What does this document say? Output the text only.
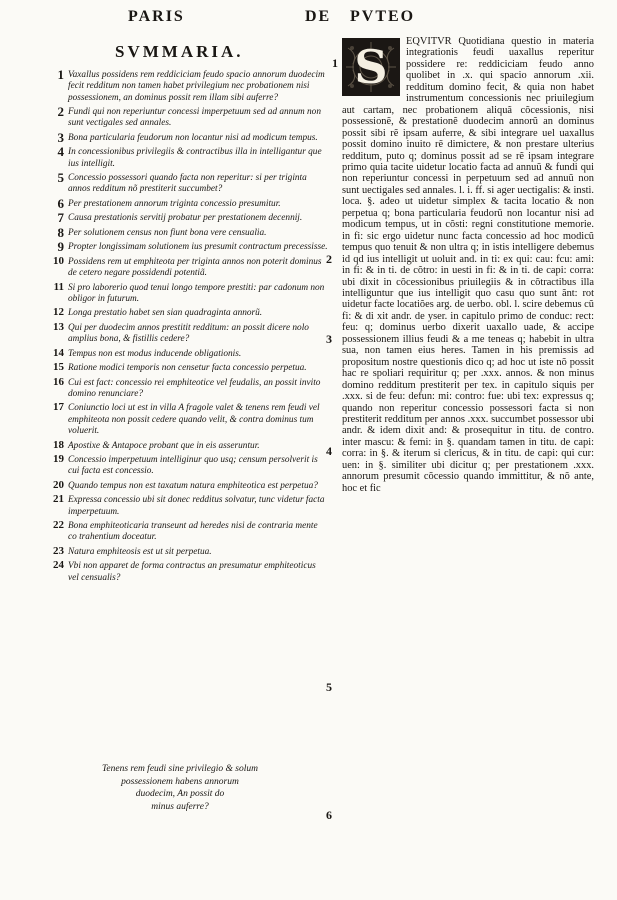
PARIS	DE PVTEO
SVMMARIA.
1 Vaxallus possidens rem reddiciciam feudo spacio annorum duodecim fecit redditum non tamen habet privilegium nec probationem nisi possessionem, an dominus possit rem illam sibi auferre?
2 Fundi qui non reperiuntur concessi imperpetuum sed ad annum non sunt vectigales sed annales.
3 Bona particularia feudorum non locantur nisi ad modicum tempus.
4 In concessionibus privilegiis & contractibus illa in intelligantur que ius intelligit.
5 Concessio possessori quando facta non reperitur: si per triginta annos redditum nõ prestiterit succumbet?
6 Per prestationem annorum triginta concessio presumitur.
7 Causa prestationis servitij probatur per prestationem decennij.
8 Per solutionem census non fiunt bona vere censualia.
9 Propter longissimam solutionem ius presumit contractum precessisse.
10 Possidens rem ut emphiteota per triginta annos non poterit dominus de cetero negare possidendi potentiã.
11 Si pro laborerio quod tenui longo tempore prestiti: par cadonum non obligor in futurum.
12 Longa prestatio habet sen sian quadraginta annorũ.
13 Qui per duodecim annos prestitit redditum: an possit dicere nolo amplius bona, & fistillis cedere?
14 Tempus non est modus inducende obligationis.
15 Ratione modici temporis non censetur facta concessio perpetua.
16 Cui est fact: concessio rei emphiteotice vel feudalis, an possit invito domino renunciare?
17 Coniunctio loci ut est in villa A fragole valet & tenens rem feudi vel emphiteota non possit cedere quando velit, & contra dominus tum voluerit.
18 Apostixe & Antapoce probant que in eis asseruntur.
19 Concessio imperpetuum intelliginur quo usq; censum persolverit is cui facta est concessio.
20 Quando tempus non est taxatum natura emphiteotica est perpetua?
21 Expressa concessio ubi sit donec redditus solvatur, tunc videtur facta imperpetuum.
22 Bona emphiteoticaria transeunt ad heredes nisi de contraria mente co trahentium doceatur.
23 Natura emphiteosis est ut sit perpetua.
24 Vbi non apparet de forma contractus an presumatur emphiteoticus vel censualis?
Tenens rem feudi sine privilegio & solum
possessionem habens annorum
duodecim, An possit do
minus auferre?
S	EQVITVR Quotidiana questio in materia integrationis feudi uaxallus reperitur possidere re: reddiciciam feudo anno quolibet in .x. qui spacio annorum .xii. redditum domino fecit, & quia non habet instrumentum concessionis nec priuilegium aut cartam, nec probationem aliquã cõcessionis, nisi possessionẽ, & prestationẽ duodecim annorũ an dominus possit sibi rẽ ipsam auferre, & sibi integrare uel uaxallus possit domino inuito rẽ dimictere, & non prestare ulterius redditum, puto q; dominus possit ad se rẽ ipsam integrare primo quia tacite uidetur locatio facta ad annuũ & fundi qui non reperiuntur concessi in perpetuum sed ad annuũ non sunt uectigales sed annales. l. i. ff. si ager uectigalis: & insti. loca. §. adeo ut uidetur simplex & tacita locatio & non perpetua q; bona particularia feudorũ non locantur nisi ad modicum tempus, ut in cõsti: regni constitutione memorie. in fi: sic ergo uidetur nunc facta concessio ad hoc modicũ tempus quo tenuit & non ultra q; in istis intelligere debemus id qd ius intelligit ut uoluit and. in ti: ex qui: cau: fcu: ami: in fi: & in ti. de cõtro: in uesti in fi: & in ti. de capi: corra: ubi dixit in cõcessionibus priuilegiis & in cõtractibus illa intelliguntur que ius intelligit quo casu quo sunt ãnt: rot uidetur facte locatiões arg. de uerbo. obl. l. scire debemus cũ fi: & di xit andr. de yser. in capitulo primo de conduc: rect: feu: q; dominus uerbo dixerit uaxallo uade, & accipe possessionem illius feudi & a me teneas q; habebit in ultra sua, non tamen eius heres. Tamen in his premissis ad propositum nostre questionis dico q; ad hoc ut iste nõ possit hac re spoliari requiritur q; per .xxx. annos. & non minus domino redditum prestiterit per tex. in capitulo siquis per .xxx. si de feu: defun: mi: contro: fue: ubi tex: expressus q; quando non reperitur concessio possessori facta si non prestiterit redditum per annos .xxx. succumbet possessor ubi andr. & idem dixit and: & prosequitur in titu. de contro. inter mascu: & femi: in §. quandam tamen in titu. de capi: corra: in §. & iterum si clericus, & in titu. de capi: qui cur: uen: in §. similiter ubi dicitur q; per prestationem .xxx. annorum presumit cõcessio quando immittitur, & nõ ante, hoc et fic
1
2
3
4
5
6
